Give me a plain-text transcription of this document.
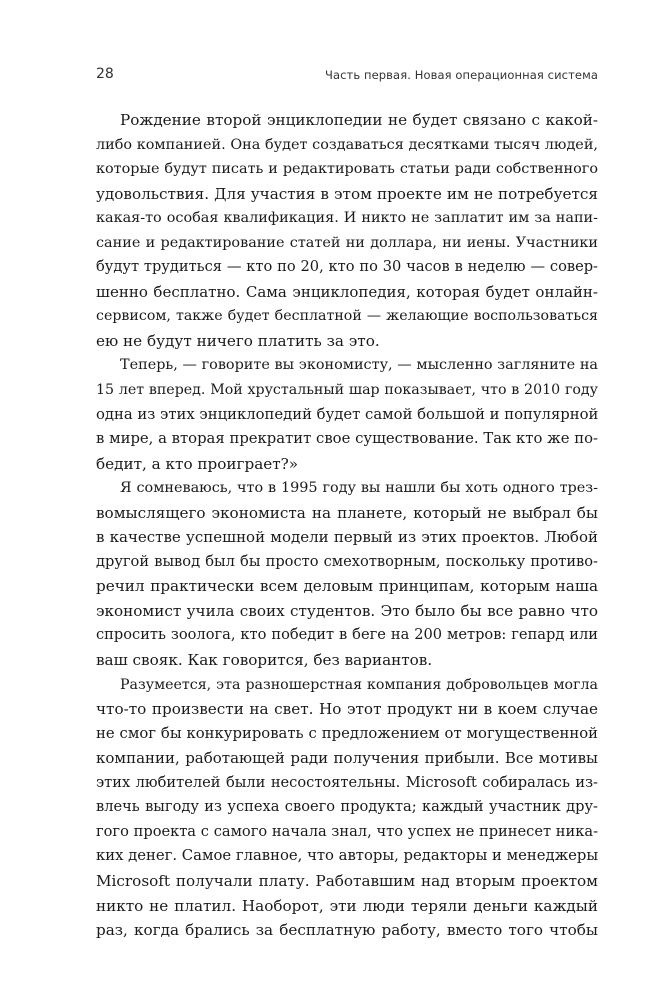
28	Часть первая. Новая операционная система
Рождение второй энциклопедии не будет связано с какой-
либо компанией. Она будет создаваться десятками тысяч людей,
которые будут писать и редактировать статьи ради собственного
удовольствия. Для участия в этом проекте им не потребуется
какая-то особая квалификация. И никто не заплатит им за напи-
сание и редактирование статей ни доллара, ни иены. Участники
будут трудиться — кто по 20, кто по 30 часов в неделю — совер-
шенно бесплатно. Сама энциклопедия, которая будет онлайн-
сервисом, также будет бесплатной — желающие воспользоваться
ею не будут ничего платить за это.
Теперь, — говорите вы экономисту, — мысленно загляните на
15 лет вперед. Мой хрустальный шар показывает, что в 2010 году
одна из этих энциклопедий будет самой большой и популярной
в мире, а вторая прекратит свое существование. Так кто же по-
бедит, а кто проиграет?»
Я сомневаюсь, что в 1995 году вы нашли бы хоть одного трез-
вомыслящего экономиста на планете, который не выбрал бы
в качестве успешной модели первый из этих проектов. Любой
другой вывод был бы просто смехотворным, поскольку противо-
речил практически всем деловым принципам, которым наша
экономист учила своих студентов. Это было бы все равно что
спросить зоолога, кто победит в беге на 200 метров: гепард или
ваш свояк. Как говорится, без вариантов.
Разумеется, эта разношерстная компания добровольцев могла
что-то произвести на свет. Но этот продукт ни в коем случае
не смог бы конкурировать с предложением от могущественной
компании, работающей ради получения прибыли. Все мотивы
этих любителей были несостоятельны. Microsoft собиралась из-
влечь выгоду из успеха своего продукта; каждый участник дру-
гого проекта с самого начала знал, что успех не принесет ника-
ких денег. Самое главное, что авторы, редакторы и менеджеры
Microsoft получали плату. Работавшим над вторым проектом
никто не платил. Наоборот, эти люди теряли деньги каждый
раз, когда брались за бесплатную работу, вместо того чтобы
